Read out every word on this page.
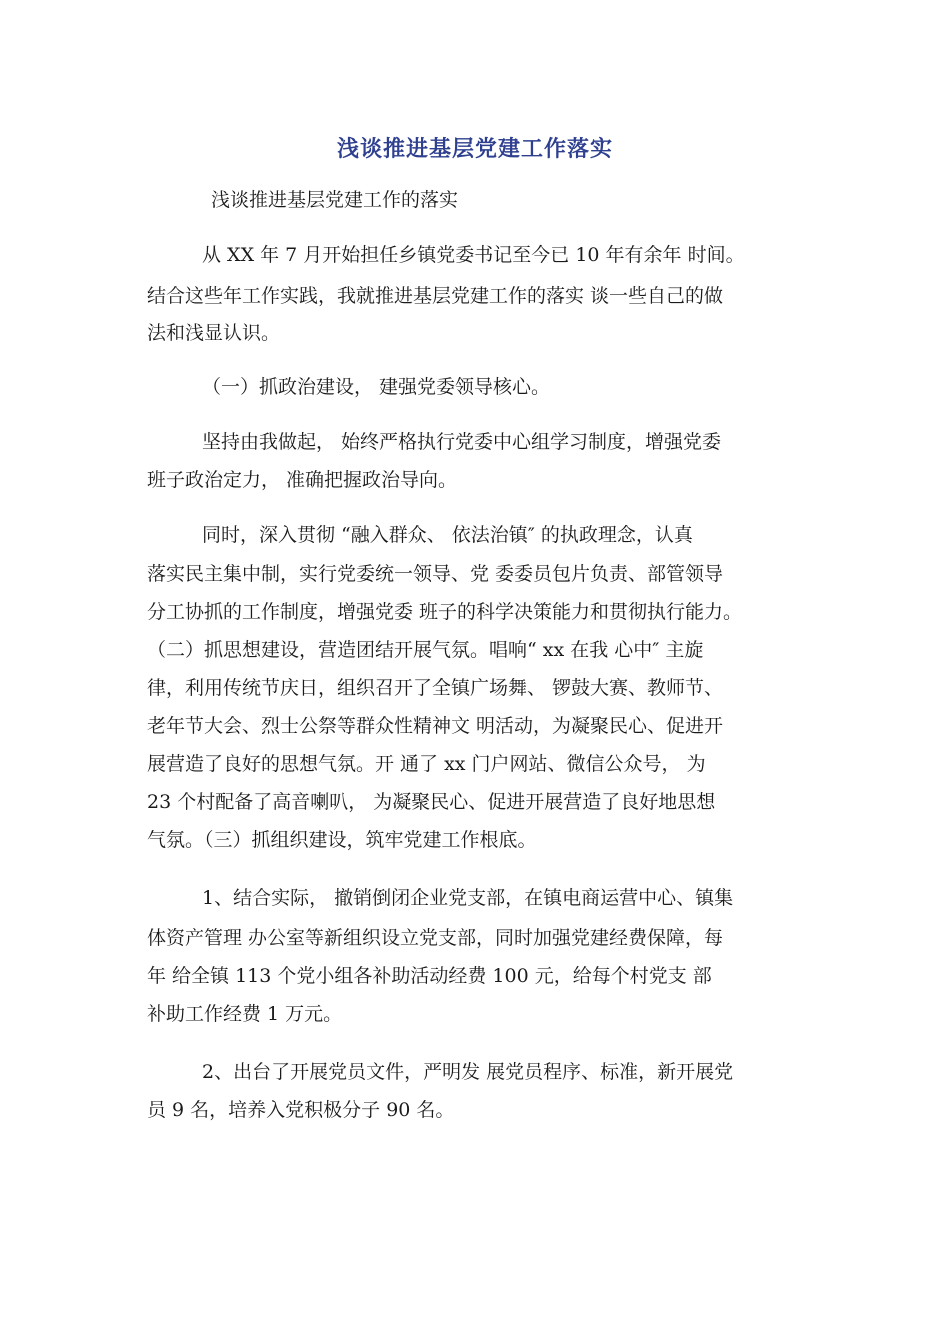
浅谈推进基层党建工作落实
浅谈推进基层党建工作的落实
从 XX 年 7 月开始担任乡镇党委书记至今已 10 年有余年 时间。
结合这些年工作实践，我就推进基层党建工作的落实 谈一些自己的做
法和浅显认识。
（一）抓政治建设， 建强党委领导核心。
坚持由我做起， 始终严格执行党委中心组学习制度，增强党委
班子政治定力， 准确把握政治导向。
同时，深入贯彻 “融入群众、 依法治镇″ 的执政理念，认真
落实民主集中制，实行党委统一领导、党 委委员包片负责、部管领导
分工协抓的工作制度，增强党委 班子的科学决策能力和贯彻执行能力。
（二）抓思想建设，营造团结开展气氛。唱响“ xx 在我 心中″ 主旋
律，利用传统节庆日，组织召开了全镇广场舞、 锣鼓大赛、教师节、
老年节大会、烈士公祭等群众性精神文 明活动，为凝聚民心、促进开
展营造了良好的思想气氛。开 通了 xx 门户网站、微信公众号， 为
23 个村配备了高音喇叭， 为凝聚民心、促进开展营造了良好地思想
气氛。（三）抓组织建设，筑牢党建工作根底。
1、结合实际， 撤销倒闭企业党支部，在镇电商运营中心、镇集
体资产管理 办公室等新组织设立党支部，同时加强党建经费保障，每
年 给全镇 113 个党小组各补助活动经费 100 元，给每个村党支 部
补助工作经费 1 万元。
2、出台了开展党员文件，严明发 展党员程序、标准，新开展党
员 9 名，培养入党积极分子 90 名。
